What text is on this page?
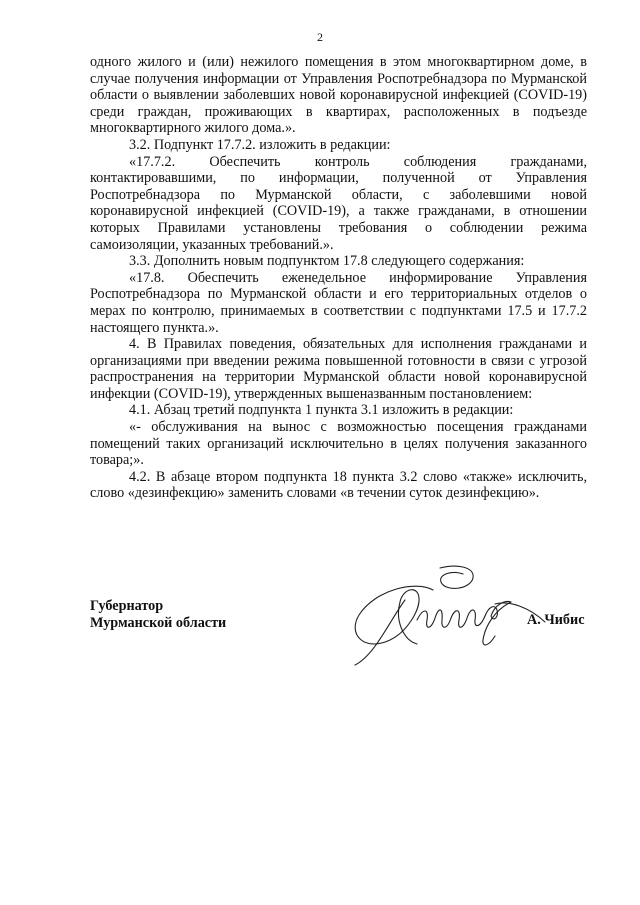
2

одного жилого и (или) нежилого помещения в этом многоквартирном доме, в случае получения информации от Управления Роспотребнадзора по Мурманской области о выявлении заболевших новой коронавирусной инфекцией (COVID-19) среди граждан, проживающих в квартирах, расположенных в подъезде многоквартирного жилого дома.».

3.2. Подпункт 17.7.2. изложить в редакции:

«17.7.2. Обеспечить контроль соблюдения гражданами, контактировавшими, по информации, полученной от Управления Роспотребнадзора по Мурманской области, с заболевшими новой коронавирусной инфекцией (COVID-19), а также гражданами, в отношении которых Правилами установлены требования о соблюдении режима самоизоляции, указанных требований.».

3.3. Дополнить новым подпунктом 17.8 следующего содержания:

«17.8. Обеспечить еженедельное информирование Управления Роспотребнадзора по Мурманской области и его территориальных отделов о мерах по контролю, принимаемых в соответствии с подпунктами 17.5 и 17.7.2 настоящего пункта.».

4. В Правилах поведения, обязательных для исполнения гражданами и организациями при введении режима повышенной готовности в связи с угрозой распространения на территории Мурманской области новой коронавирусной инфекции (COVID-19), утвержденных вышеназванным постановлением:

4.1. Абзац третий подпункта 1 пункта 3.1 изложить в редакции:

«- обслуживания на вынос с возможностью посещения гражданами помещений таких организаций исключительно в целях получения заказанного товара;».

4.2. В абзаце втором подпункта 18 пункта 3.2 слово «также» исключить, слово «дезинфекцию» заменить словами «в течении суток дезинфекцию».

Губернатор
Мурманской области	А. Чибис
